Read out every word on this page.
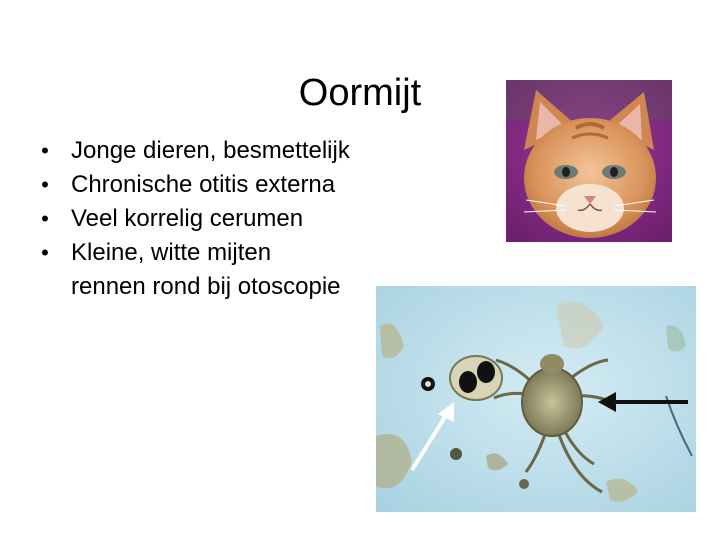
Oormijt
• Jonge dieren, besmettelijk
• Chronische otitis externa
• Veel korrelig cerumen
• Kleine, witte mijten rennen rond bij otoscopie
